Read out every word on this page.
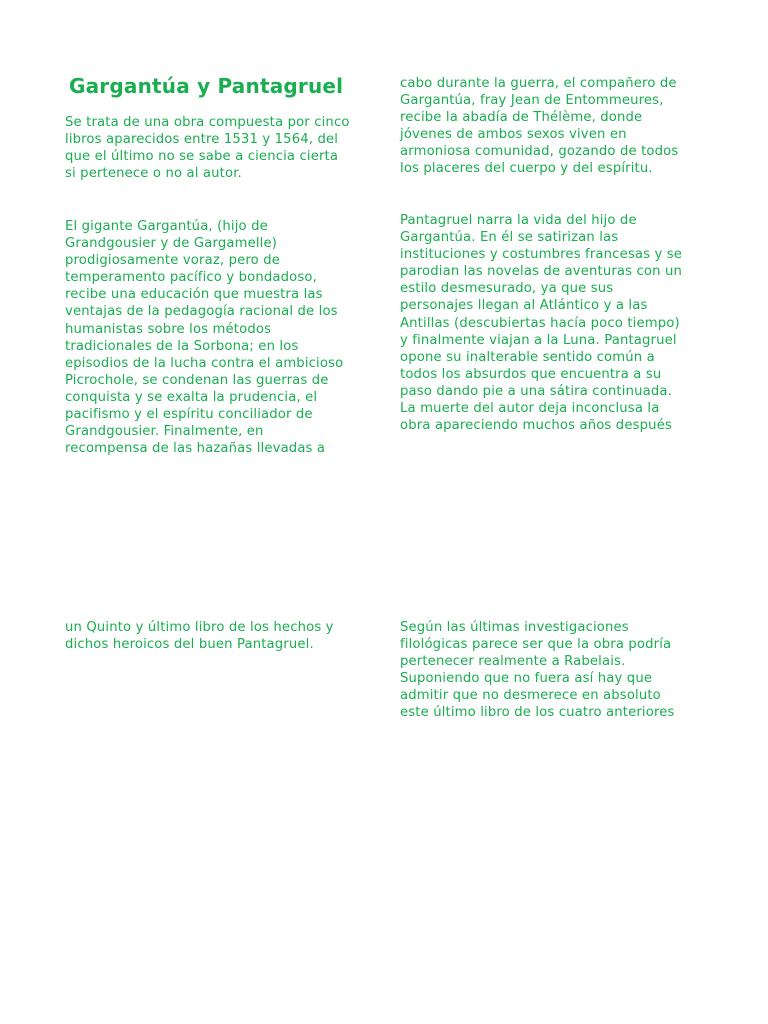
Gargantúa y Pantagruel
Se trata de una obra compuesta por cinco
libros aparecidos entre 1531 y 1564, del
que el último no se sabe a ciencia cierta
si pertenece o no al autor.
El gigante Gargantúa, (hijo de
Grandgousier y de Gargamelle)
prodigiosamente voraz, pero de
temperamento pacífico y bondadoso,
recibe una educación que muestra las
ventajas de la pedagogía racional de los
humanistas sobre los métodos
tradicionales de la Sorbona; en los
episodios de la lucha contra el ambicioso
Picrochole, se condenan las guerras de
conquista y se exalta la prudencia, el
pacifismo y el espíritu conciliador de
Grandgousier. Finalmente, en
recompensa de las hazañas llevadas a
cabo durante la guerra, el compañero de
Gargantúa, fray Jean de Entommeures,
recibe la abadía de Thélème, donde
jóvenes de ambos sexos viven en
armoniosa comunidad, gozando de todos
los placeres del cuerpo y del espíritu.
Pantagruel narra la vida del hijo de
Gargantúa. En él se satirizan las
instituciones y costumbres francesas y se
parodian las novelas de aventuras con un
estilo desmesurado, ya que sus
personajes llegan al Atlántico y a las
Antillas (descubiertas hacía poco tiempo)
y finalmente viajan a la Luna. Pantagruel
opone su inalterable sentido común a
todos los absurdos que encuentra a su
paso dando pie a una sátira continuada.
La muerte del autor deja inconclusa la
obra apareciendo muchos años después
un Quinto y último libro de los hechos y
dichos heroicos del buen Pantagruel.
Según las últimas investigaciones
filológicas parece ser que la obra podría
pertenecer realmente a Rabelais.
Suponiendo que no fuera así hay que
admitir que no desmerece en absoluto
este último libro de los cuatro anteriores
